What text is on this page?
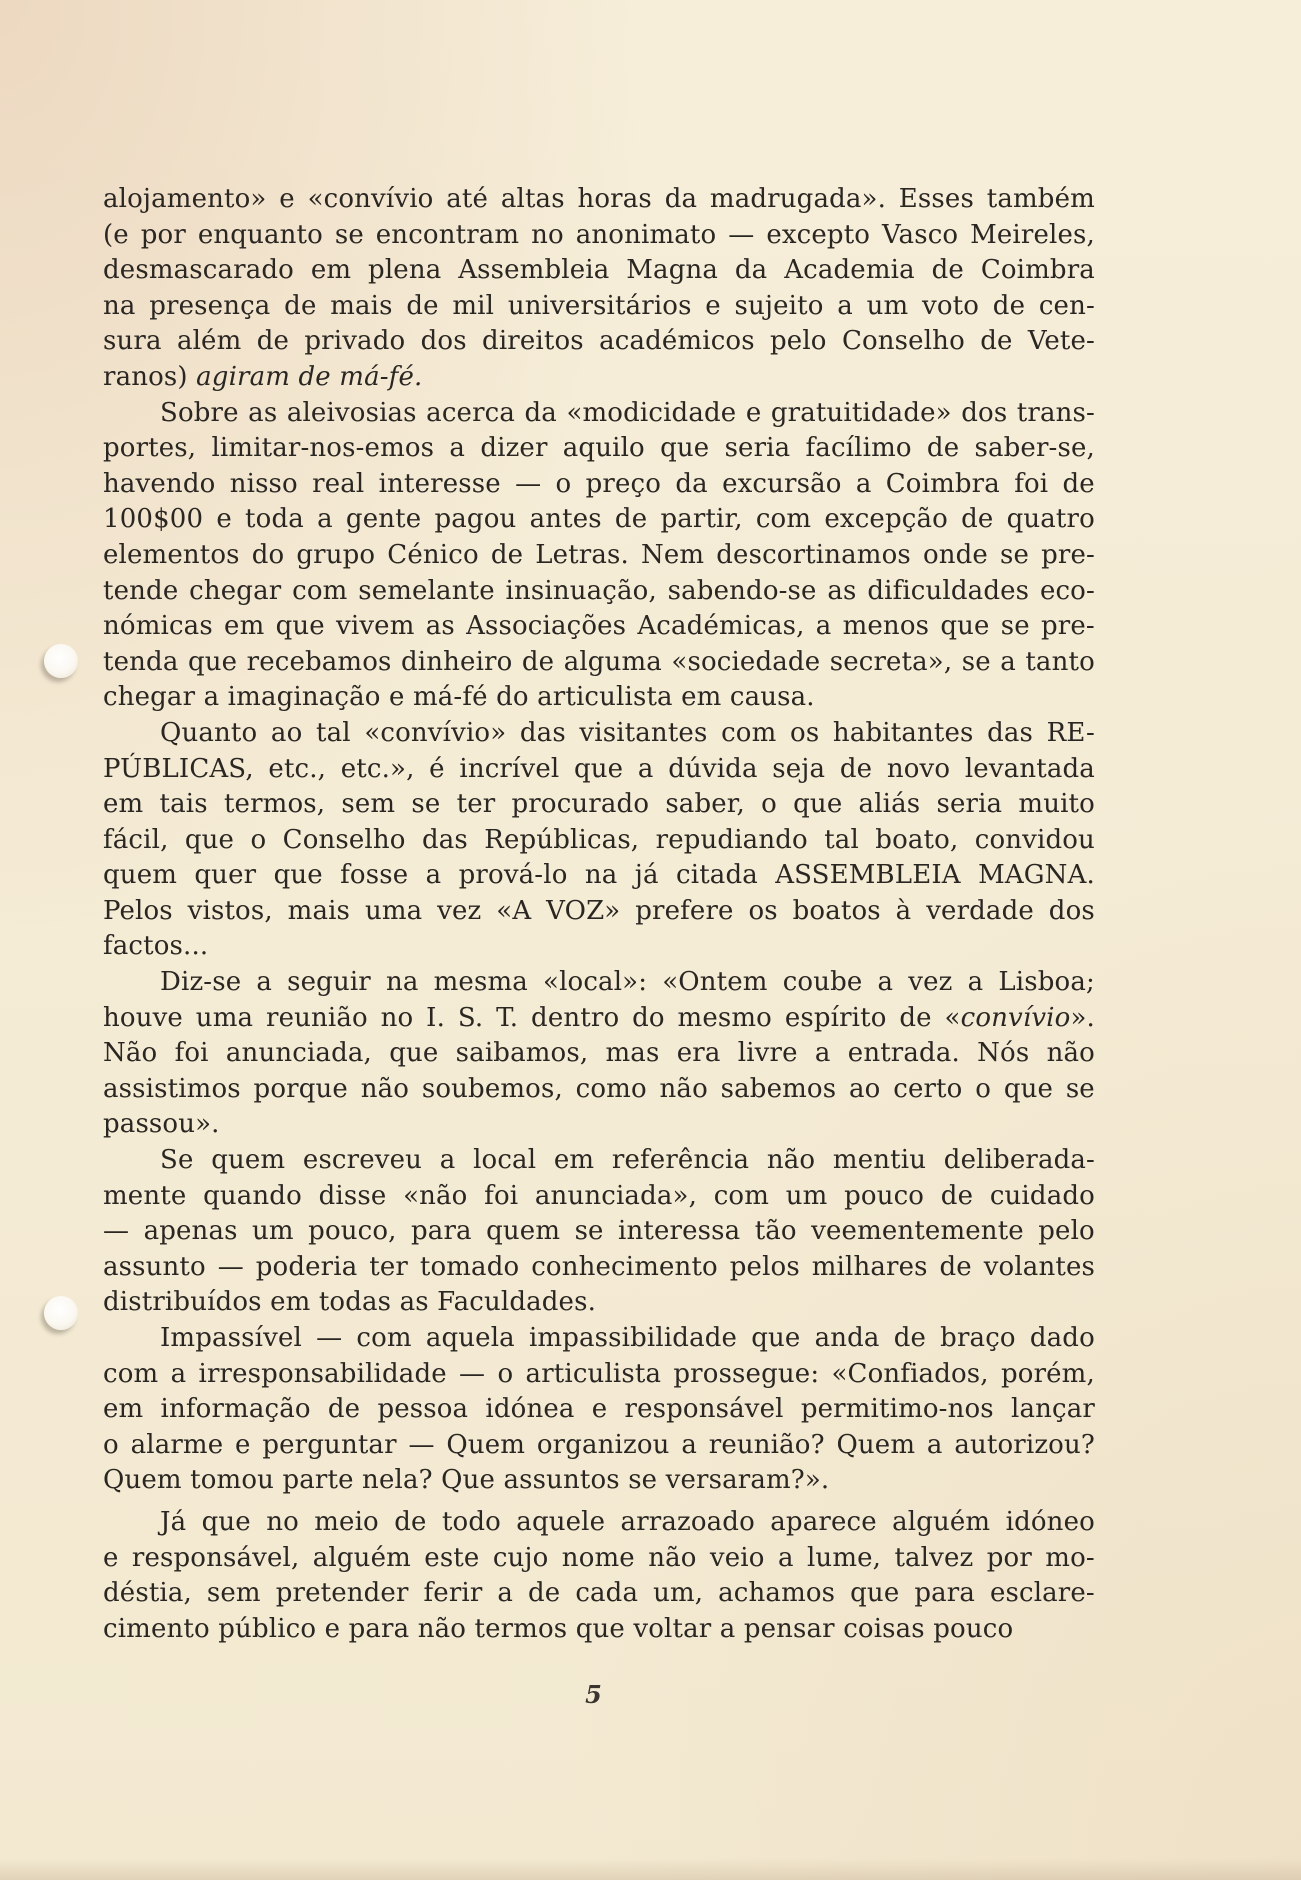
alojamento» e «convívio até altas horas da madrugada». Esses também
(e por enquanto se encontram no anonimato — excepto Vasco Meireles,
desmascarado em plena Assembleia Magna da Academia de Coimbra
na presença de mais de mil universitários e sujeito a um voto de cen-
sura além de privado dos direitos académicos pelo Conselho de Vete-
ranos)
agiram
de
má-fé.
Sobre as aleivosias acerca da «modicidade e gratuitidade» dos trans-
portes, limitar-nos-emos a dizer aquilo que seria facílimo de saber-se,
havendo nisso real interesse — o preço da excursão a Coimbra foi de
100$00 e toda a gente pagou antes de partir, com excepção de quatro
elementos do grupo Cénico de Letras. Nem descortinamos onde se pre-
tende chegar com semelante insinuação, sabendo-se as dificuldades eco-
nómicas em que vivem as Associações Académicas, a menos que se pre-
tenda que recebamos dinheiro de alguma «sociedade secreta», se a tanto
chegar
a
imaginação
e
má-fé
do
articulista
em
causa.
Quanto ao tal «convívio» das visitantes com os habitantes das RE-
PÚBLICAS, etc., etc.», é incrível que a dúvida seja de novo levantada
em tais termos, sem se ter procurado saber, o que aliás seria muito
fácil, que o Conselho das Repúblicas, repudiando tal boato, convidou
quem quer que fosse a prová-lo na já citada ASSEMBLEIA MAGNA.
Pelos vistos, mais uma vez «A VOZ» prefere os boatos à verdade dos
factos...
Diz-se a seguir na mesma «local»: «Ontem coube a vez a Lisboa;
houve uma reunião no I. S. T. dentro do mesmo espírito de «convívio».
Não foi anunciada, que saibamos, mas era livre a entrada. Nós não
assistimos porque não soubemos, como não sabemos ao certo o que se
passou».
Se quem escreveu a local em referência não mentiu deliberada-
mente quando disse «não foi anunciada», com um pouco de cuidado
— apenas um pouco, para quem se interessa tão veementemente pelo
assunto — poderia ter tomado conhecimento pelos milhares de volantes
distribuídos
em
todas
as
Faculdades.
Impassível — com aquela impassibilidade que anda de braço dado
com a irresponsabilidade — o articulista prossegue: «Confiados, porém,
em informação de pessoa idónea e responsável permitimo-nos lançar
o alarme e perguntar — Quem organizou a reunião? Quem a autorizou?
Quem
tomou
parte
nela?
Que
assuntos
se
versaram?».
Já que no meio de todo aquele arrazoado aparece alguém idóneo
e responsável, alguém este cujo nome não veio a lume, talvez por mo-
déstia, sem pretender ferir a de cada um, achamos que para esclare-
cimento
público
e
para
não
termos
que
voltar
a
pensar
coisas
pouco
5
